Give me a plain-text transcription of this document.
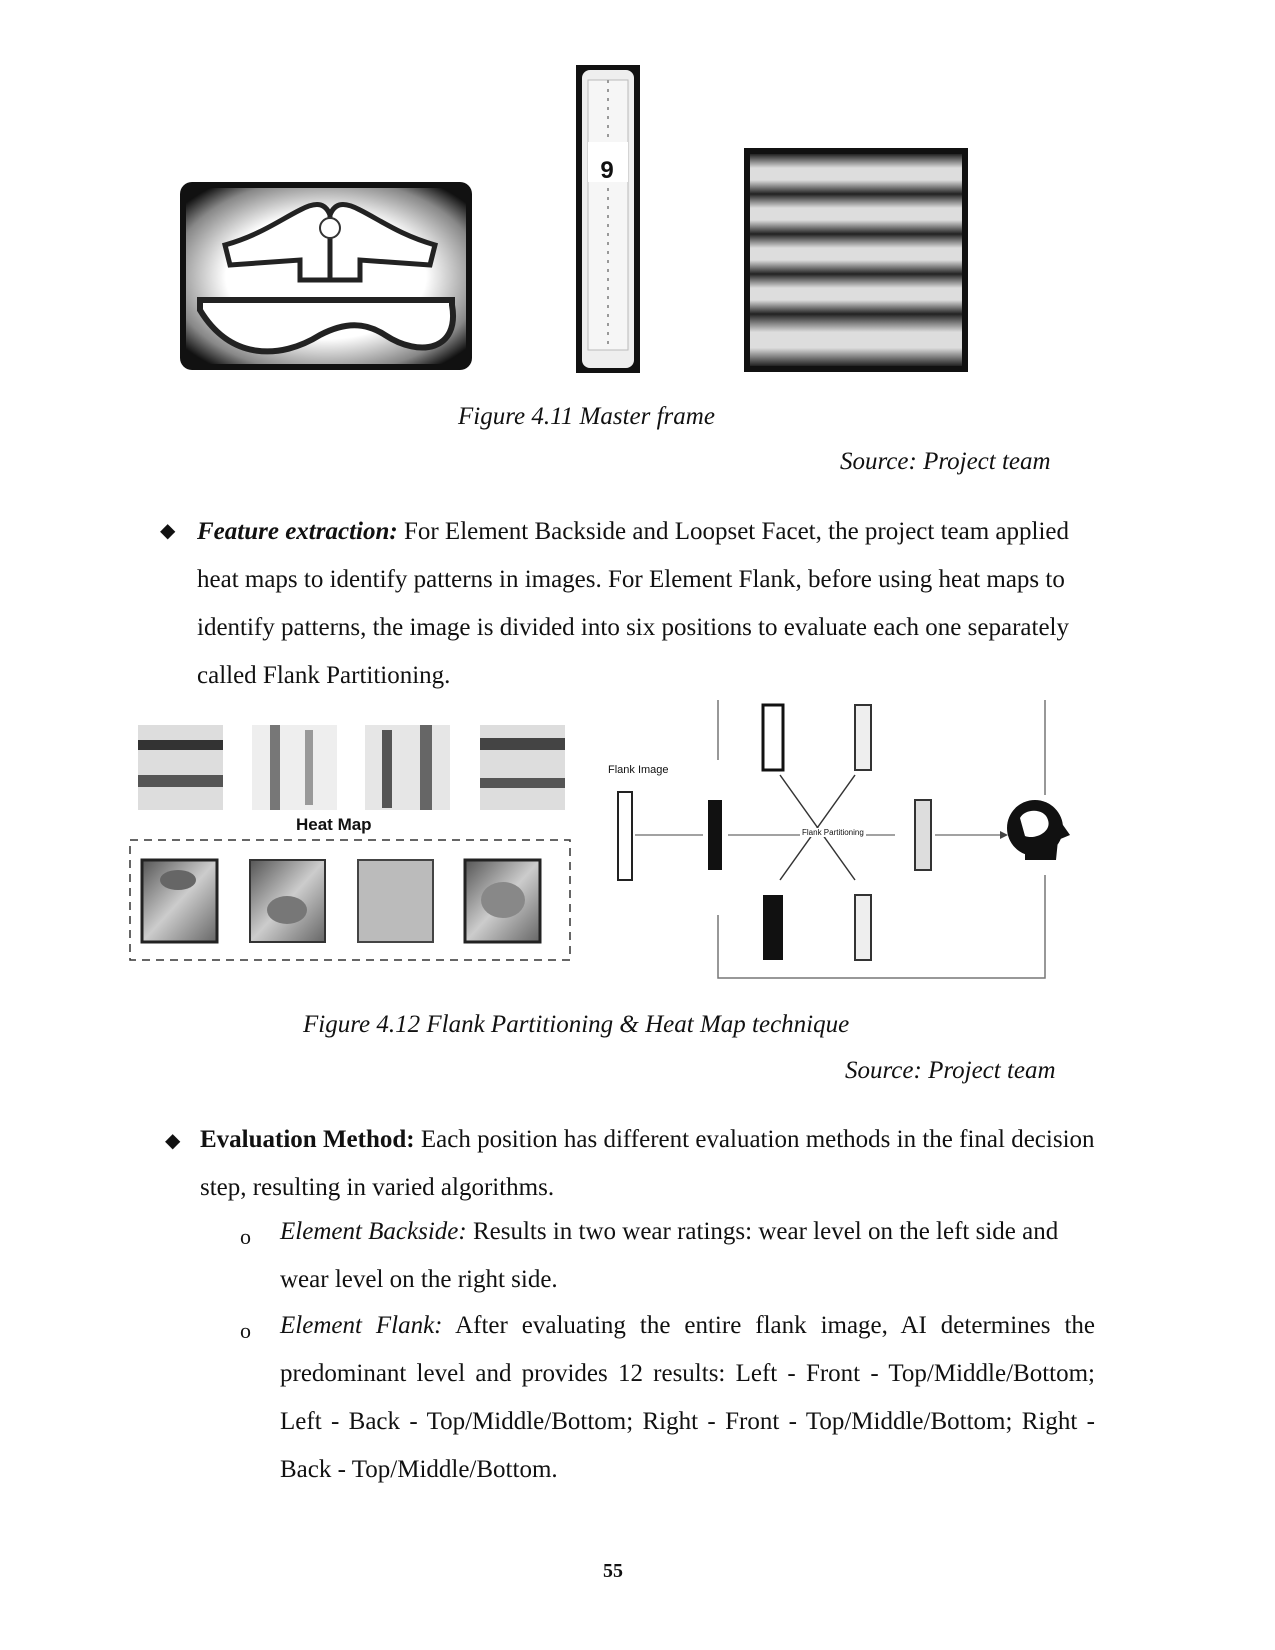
9
Figure 4.11 Master frame
Source: Project team
◆ Feature extraction: For Element Backside and Loopset Facet, the project team applied heat maps to identify patterns in images. For Element Flank, before using heat maps to identify patterns, the image is divided into six positions to evaluate each one separately called Flank Partitioning.
Heat Map
Flank Image
Flank Partitioning
Figure 4.12 Flank Partitioning & Heat Map technique
Source: Project team
◆ Evaluation Method: Each position has different evaluation methods in the final decision step, resulting in varied algorithms.
o Element Backside: Results in two wear ratings: wear level on the left side and wear level on the right side.
o Element Flank: After evaluating the entire flank image, AI determines the predominant level and provides 12 results: Left - Front - Top/Middle/Bottom; Left - Back - Top/Middle/Bottom; Right - Front - Top/Middle/Bottom; Right - Back - Top/Middle/Bottom.
55
